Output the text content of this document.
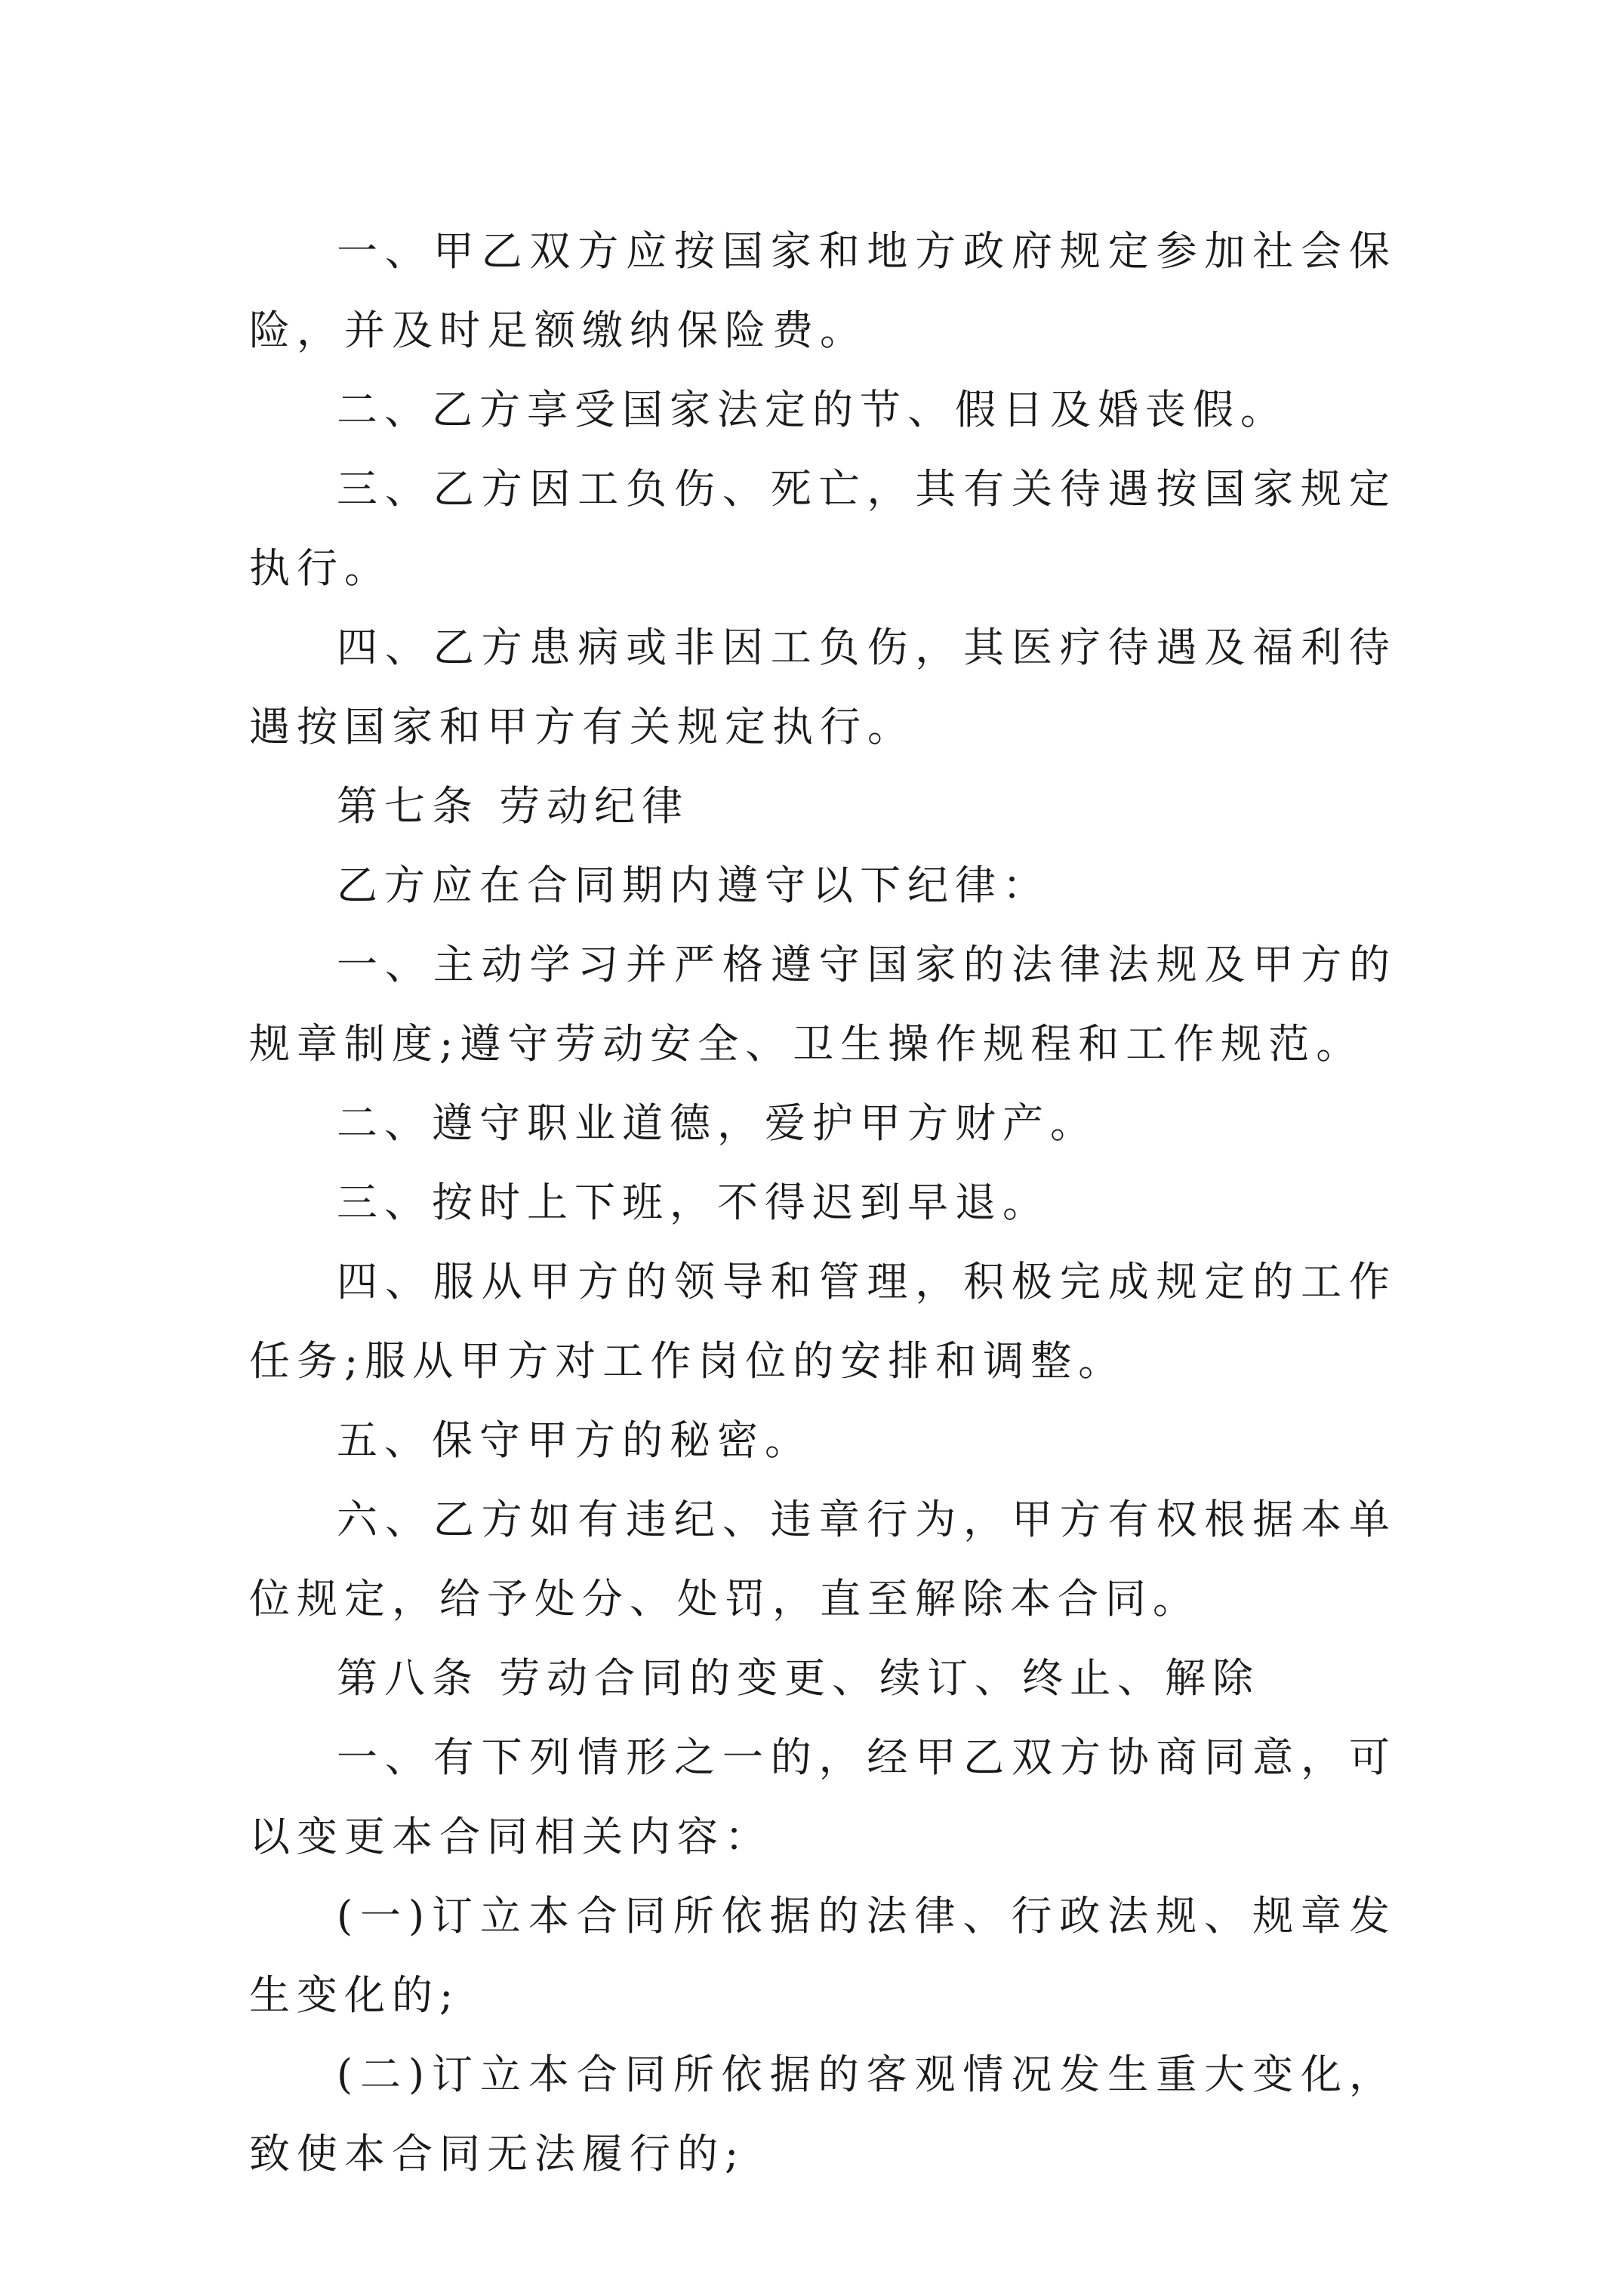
一、甲乙双方应按国家和地方政府规定参加社会保险，并及时足额缴纳保险费。

二、乙方享受国家法定的节、假日及婚丧假。

三、乙方因工负伤、死亡，其有关待遇按国家规定执行。

四、乙方患病或非因工负伤，其医疗待遇及福利待遇按国家和甲方有关规定执行。

第七条 劳动纪律

乙方应在合同期内遵守以下纪律：

一、主动学习并严格遵守国家的法律法规及甲方的规章制度;遵守劳动安全、卫生操作规程和工作规范。

二、遵守职业道德，爱护甲方财产。

三、按时上下班，不得迟到早退。

四、服从甲方的领导和管理，积极完成规定的工作任务;服从甲方对工作岗位的安排和调整。

五、保守甲方的秘密。

六、乙方如有违纪、违章行为，甲方有权根据本单位规定，给予处分、处罚，直至解除本合同。

第八条 劳动合同的变更、续订、终止、解除

一、有下列情形之一的，经甲乙双方协商同意，可以变更本合同相关内容：

(一)订立本合同所依据的法律、行政法规、规章发生变化的;

(二)订立本合同所依据的客观情况发生重大变化，致使本合同无法履行的;
